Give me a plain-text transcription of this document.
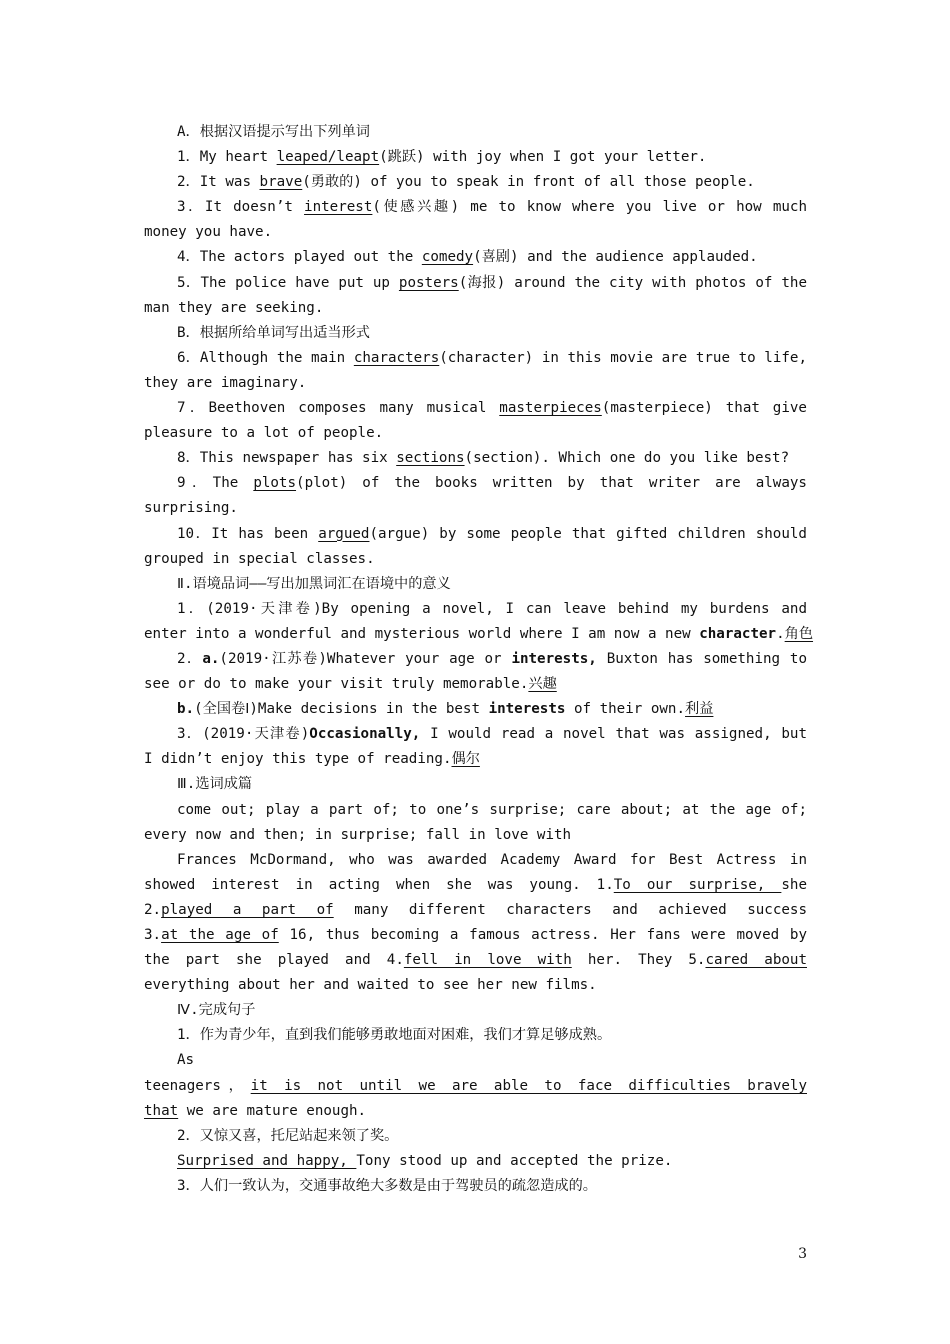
A．根据汉语提示写出下列单词
1．My heart leaped/leapt(跳跃) with joy when I got your letter.
2．It was brave(勇敢的) of you to speak in front of all those people.
3．It doesn’t interest(使感兴趣) me to know where you live or how much
money you have.
4．The actors played out the comedy(喜剧) and the audience applauded.
5．The police have put up posters(海报) around the city with photos of the
man they are seeking.
B．根据所给单词写出适当形式
6．Although the main characters(character) in this movie are true to life,
they are imaginary.
7．Beethoven composes many musical masterpieces(masterpiece) that give
pleasure to a lot of people.
8．This newspaper has six sections(section). Which one do you like best?
9．The plots(plot) of the books written by that writer are always
surprising.
10．It has been argued(argue) by some people that gifted children should
grouped in special classes.
Ⅱ.语境品词——写出加黑词汇在语境中的意义
1．(2019·天津卷)By opening a novel, I can leave behind my burdens and
enter into a wonderful and mysterious world where I am now a new character.角色
2．a.(2019·江苏卷)Whatever your age or interests, Buxton has something to
see or do to make your visit truly memorable.兴趣
b.(全国卷Ⅰ)Make decisions in the best interests of their own.利益
3．(2019·天津卷)Occasionally, I would read a novel that was assigned, but
I didn’t enjoy this type of reading.偶尔
Ⅲ.选词成篇
come out; play a part of; to one’s surprise; care about; at the age of;
every now and then; in surprise; fall in love with
Frances McDormand, who was awarded Academy Award for Best Actress in
showed interest in acting when she was young. 1.To our surprise, she
2.played a part of many different characters and achieved success
3.at the age of 16, thus becoming a famous actress. Her fans were moved by
the part she played and 4.fell in love with her. They 5.cared about
everything about her and waited to see her new films.
Ⅳ.完成句子
1．作为青少年，直到我们能够勇敢地面对困难，我们才算足够成熟。
As
teenagers，it is not until we are able to face difficulties bravely
that we are mature enough.
2．又惊又喜，托尼站起来领了奖。
Surprised and happy, Tony stood up and accepted the prize.
3．人们一致认为，交通事故绝大多数是由于驾驶员的疏忽造成的。
3
